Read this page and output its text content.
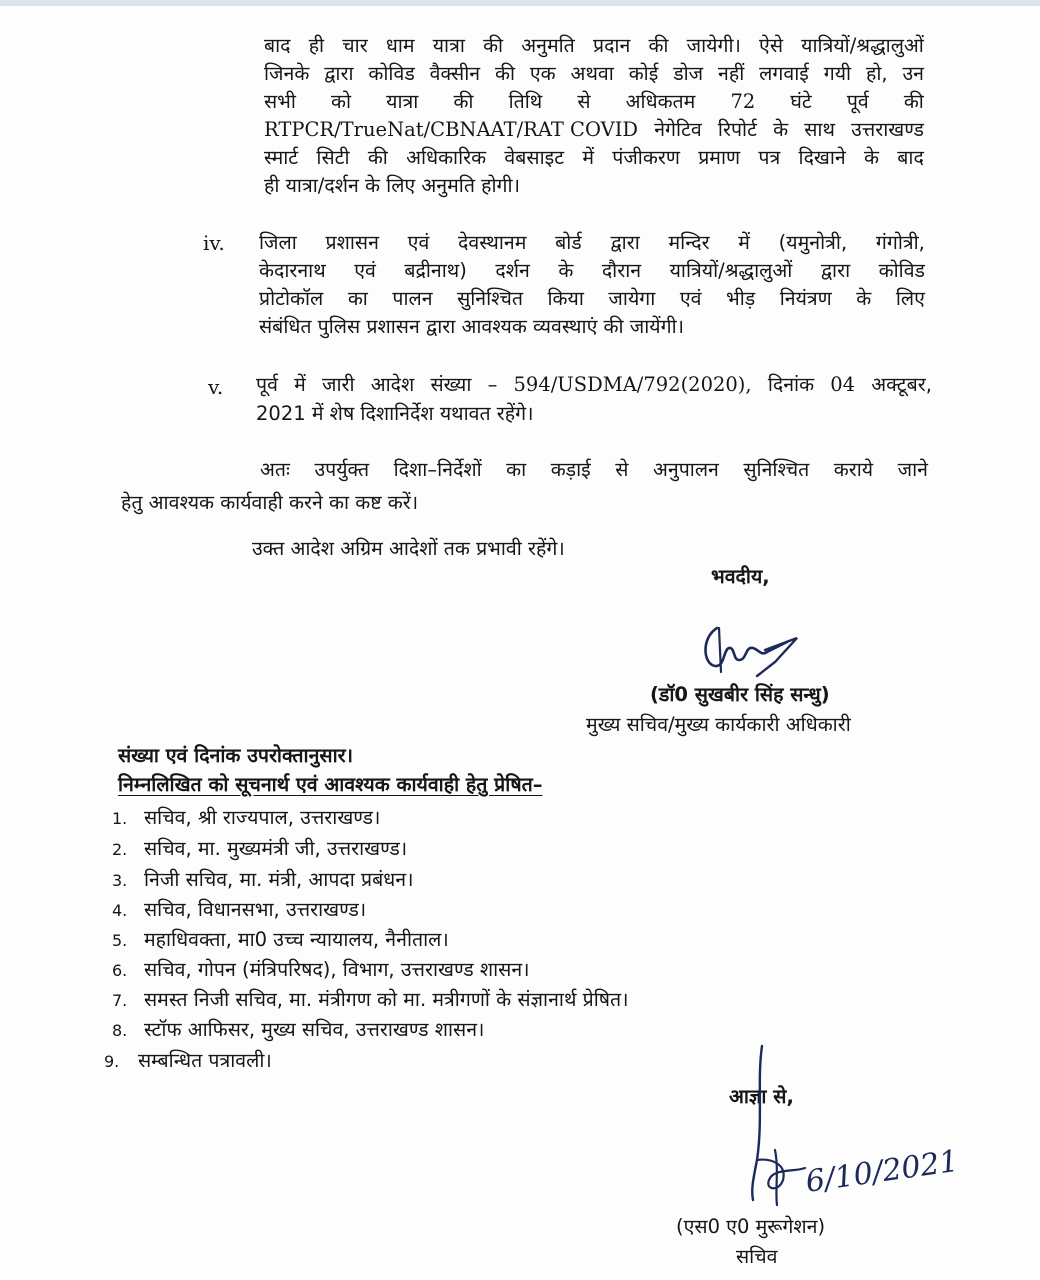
बाद ही चार धाम यात्रा की अनुमति प्रदान की जायेगी। ऐसे यात्रियों/श्रद्धालुओं
जिनके द्वारा कोविड वैक्सीन की एक अथवा कोई डोज नहीं लगवाई गयी हो, उन
सभी को यात्रा की तिथि से अधिकतम 72 घंटे पूर्व की
RTPCR/TrueNat/CBNAAT/RAT COVID नेगेटिव रिपोर्ट के साथ उत्तराखण्ड
स्मार्ट सिटी की अधिकारिक वेबसाइट में पंजीकरण प्रमाण पत्र दिखाने के बाद
ही यात्रा/दर्शन के लिए अनुमति होगी।
iv. जिला प्रशासन एवं देवस्थानम बोर्ड द्वारा मन्दिर में (यमुनोत्री, गंगोत्री,
केदारनाथ एवं बद्रीनाथ) दर्शन के दौरान यात्रियों/श्रद्धालुओं द्वारा कोविड
प्रोटोकॉल का पालन सुनिश्चित किया जायेगा एवं भीड़ नियंत्रण के लिए
संबंधित पुलिस प्रशासन द्वारा आवश्यक व्यवस्थाएं की जायेंगी।
v. पूर्व में जारी आदेश संख्या – 594/USDMA/792(2020), दिनांक 04 अक्टूबर,
2021 में शेष दिशानिर्देश यथावत रहेंगे।
अतः उपर्युक्त दिशा–निर्देशों का कड़ाई से अनुपालन सुनिश्चित कराये जाने
हेतु आवश्यक कार्यवाही करने का कष्ट करें।
उक्त आदेश अग्रिम आदेशों तक प्रभावी रहेंगे।
भवदीय,
(डॉ0 सुखबीर सिंह सन्धु)
मुख्य सचिव/मुख्य कार्यकारी अधिकारी
संख्या एवं दिनांक उपरोक्तानुसार।
निम्नलिखित को सूचनार्थ एवं आवश्यक कार्यवाही हेतु प्रेषित–
1. सचिव, श्री राज्यपाल, उत्तराखण्ड।
2. सचिव, मा. मुख्यमंत्री जी, उत्तराखण्ड।
3. निजी सचिव, मा. मंत्री, आपदा प्रबंधन।
4. सचिव, विधानसभा, उत्तराखण्ड।
5. महाधिवक्ता, मा0 उच्च न्यायालय, नैनीताल।
6. सचिव, गोपन (मंत्रिपरिषद), विभाग, उत्तराखण्ड शासन।
7. समस्त निजी सचिव, मा. मंत्रीगण को मा. मत्रीगणों के संज्ञानार्थ प्रेषित।
8. स्टॉफ आफिसर, मुख्य सचिव, उत्तराखण्ड शासन।
9. सम्बन्धित पत्रावली।
आज्ञा से,
6/10/2021
(एस0 ए0 मुरूगेशन)
सचिव
